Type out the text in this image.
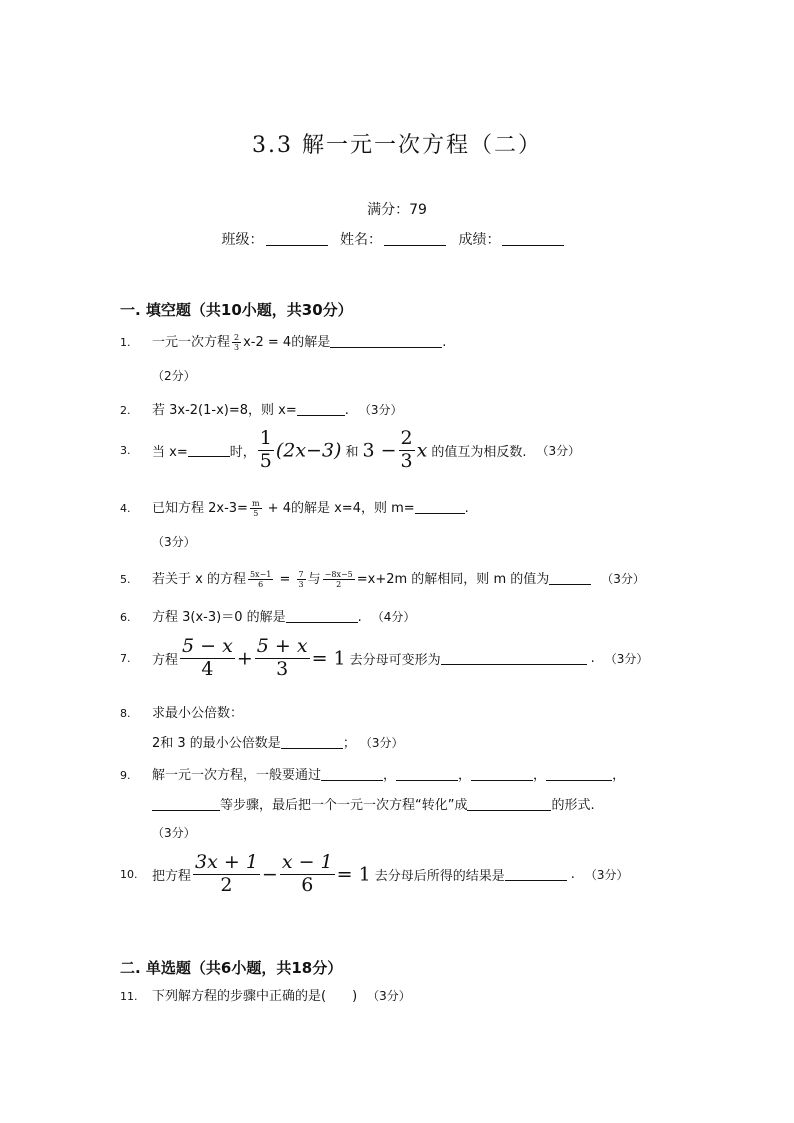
3.3 解一元一次方程（二）
满分：79
班级：	姓名：	成绩：
一. 填空题（共10小题，共30分）
1. 一元一次方程 $\frac{2}{3} x-2 = 4$的解是	.
（2分）
2. 若 3x-2(1-x)=8，则 x=	. （3分）
3. 当 x=	时， $\frac{1}{5} (2x-3)$ 和 $3 - \frac{2}{3}$ x 的值互为相反数. （3分）
4. 已知方程 $2x-3= \frac{m}{5} + 4$的解是 x=4，则 m=	.
（3分）
5. 若关于 x 的方程 $\frac{5x-1}{6} = \frac{7}{3}$ 与 $\frac{-8x-5}{2} =x+2m$ 的解相同，则 m 的值为	（3分）
6. 方程 3(x-3)＝0 的解是	. （4分）
7. 方程 $\frac{5 - x}{4} + \frac{5 + x}{3} = 1$ 去分母可变形为	. （3分）
8. 求最小公倍数：
2和 3 的最小公倍数是	； （3分）
9. 解一元一次方程，一般要通过	，	，	，	，
等步骤，最后把一个一元一次方程“转化”成	的形式.
（3分）
10. 把方程 $\frac{3x + 1}{2} - \frac{x - 1}{6} = 1$ 去分母后所得的结果是	. （3分）
二. 单选题（共6小题，共18分）
11. 下列解方程的步骤中正确的是(　　) （3分）
